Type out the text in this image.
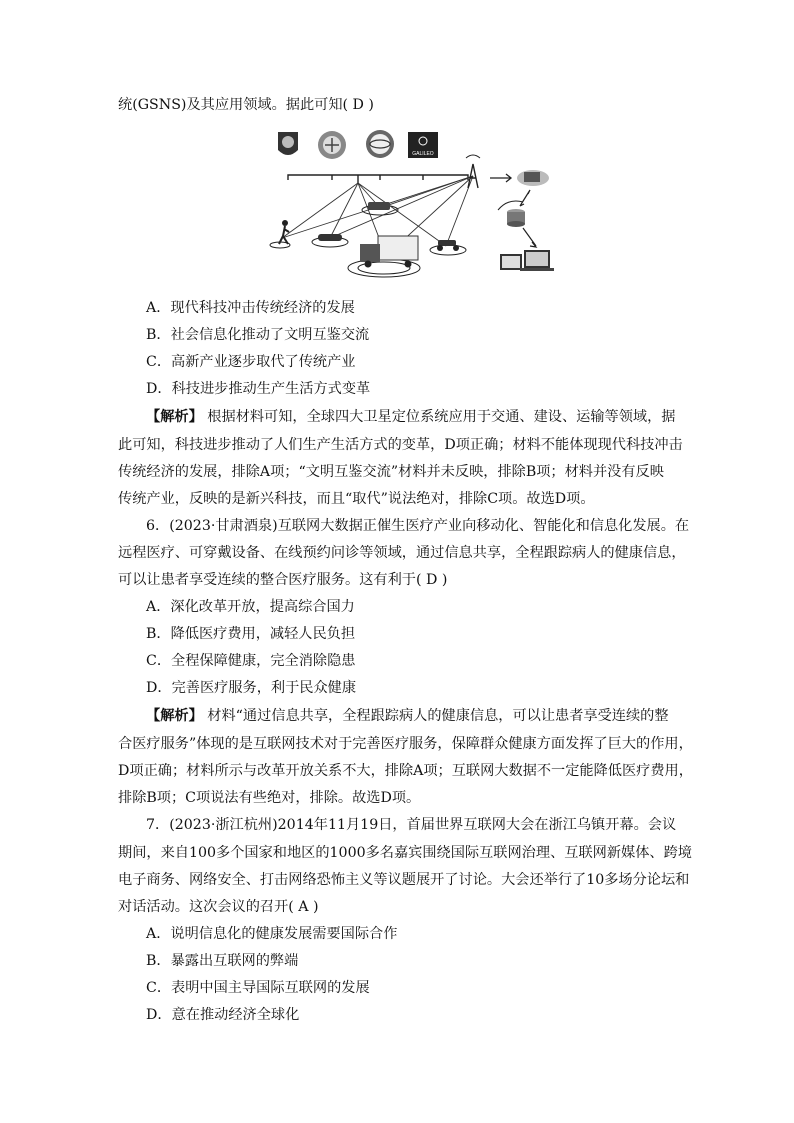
统(GSNS)及其应用领域。据此可知( D )
GALILEO
A．现代科技冲击传统经济的发展
B．社会信息化推动了文明互鉴交流
C．高新产业逐步取代了传统产业
D．科技进步推动生产生活方式变革
【解析】 根据材料可知，全球四大卫星定位系统应用于交通、建设、运输等领域，据
此可知，科技进步推动了人们生产生活方式的变革，D项正确；材料不能体现现代科技冲击
传统经济的发展，排除A项；“文明互鉴交流”材料并未反映，排除B项；材料并没有反映
传统产业，反映的是新兴科技，而且“取代”说法绝对，排除C项。故选D项。
6．(2023·甘肃酒泉)互联网大数据正催生医疗产业向移动化、智能化和信息化发展。在
远程医疗、可穿戴设备、在线预约问诊等领域，通过信息共享，全程跟踪病人的健康信息，
可以让患者享受连续的整合医疗服务。这有利于( D )
A．深化改革开放，提高综合国力
B．降低医疗费用，减轻人民负担
C．全程保障健康，完全消除隐患
D．完善医疗服务，利于民众健康
【解析】 材料“通过信息共享，全程跟踪病人的健康信息，可以让患者享受连续的整
合医疗服务”体现的是互联网技术对于完善医疗服务，保障群众健康方面发挥了巨大的作用，
D项正确；材料所示与改革开放关系不大，排除A项；互联网大数据不一定能降低医疗费用，
排除B项；C项说法有些绝对，排除。故选D项。
7．(2023·浙江杭州)2014年11月19日，首届世界互联网大会在浙江乌镇开幕。会议
期间，来自100多个国家和地区的1000多名嘉宾围绕国际互联网治理、互联网新媒体、跨境
电子商务、网络安全、打击网络恐怖主义等议题展开了讨论。大会还举行了10多场分论坛和
对话活动。这次会议的召开( A )
A．说明信息化的健康发展需要国际合作
B．暴露出互联网的弊端
C．表明中国主导国际互联网的发展
D．意在推动经济全球化
